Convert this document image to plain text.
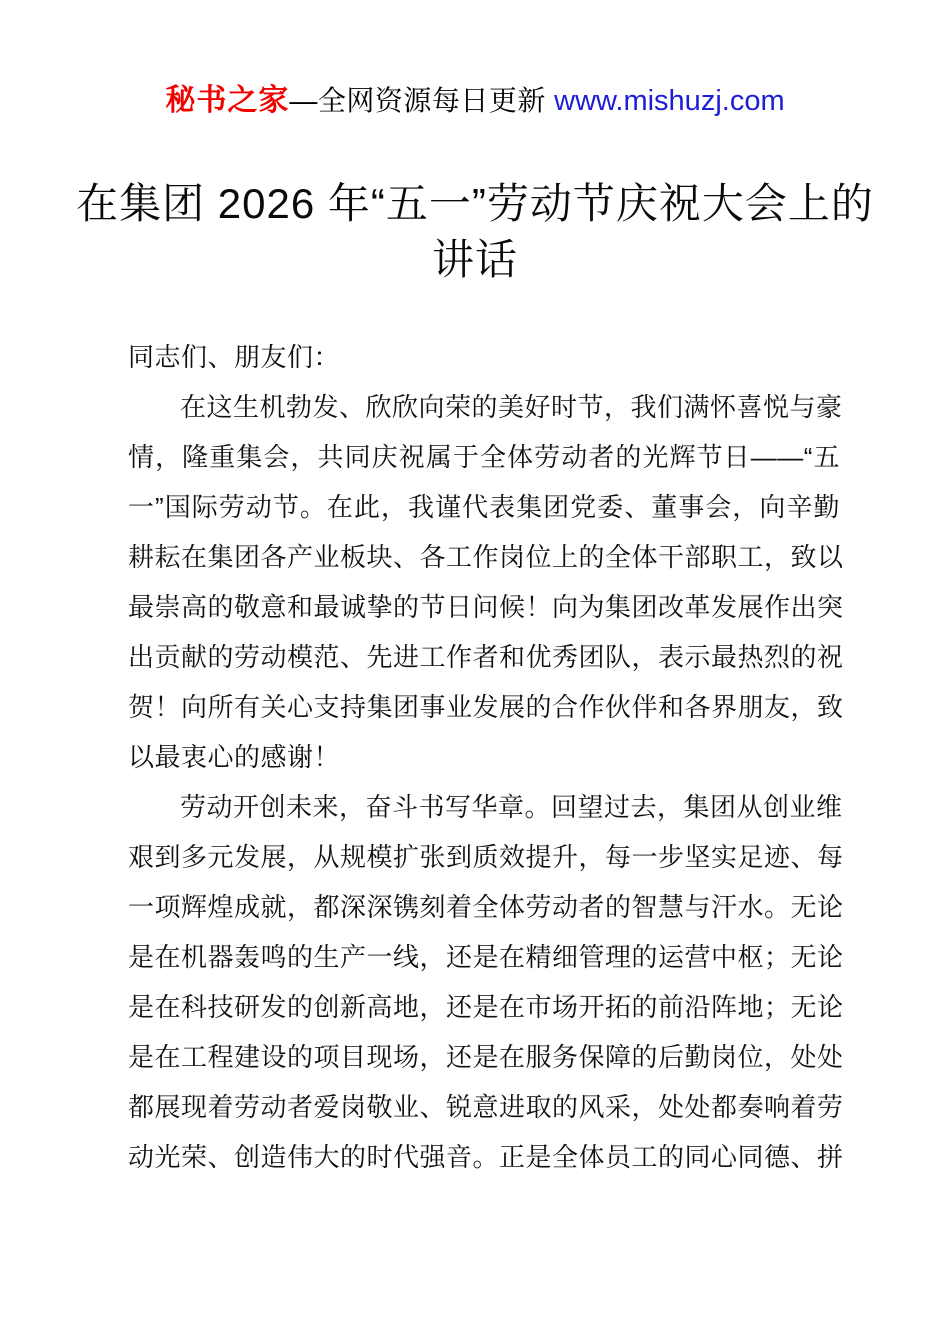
秘书之家—全网资源每日更新 www.mishuzj.com
在集团 2026 年“五一”劳动节庆祝大会上的
讲话
同志们、朋友们：
在这生机勃发、欣欣向荣的美好时节，我们满怀喜悦与豪
情，隆重集会，共同庆祝属于全体劳动者的光辉节日——“五
一”国际劳动节。在此，我谨代表集团党委、董事会，向辛勤
耕耘在集团各产业板块、各工作岗位上的全体干部职工，致以
最崇高的敬意和最诚挚的节日问候！向为集团改革发展作出突
出贡献的劳动模范、先进工作者和优秀团队，表示最热烈的祝
贺！向所有关心支持集团事业发展的合作伙伴和各界朋友，致
以最衷心的感谢！
劳动开创未来，奋斗书写华章。回望过去，集团从创业维
艰到多元发展，从规模扩张到质效提升，每一步坚实足迹、每
一项辉煌成就，都深深镌刻着全体劳动者的智慧与汗水。无论
是在机器轰鸣的生产一线，还是在精细管理的运营中枢；无论
是在科技研发的创新高地，还是在市场开拓的前沿阵地；无论
是在工程建设的项目现场，还是在服务保障的后勤岗位，处处
都展现着劳动者爱岗敬业、锐意进取的风采，处处都奏响着劳
动光荣、创造伟大的时代强音。正是全体员工的同心同德、拼
